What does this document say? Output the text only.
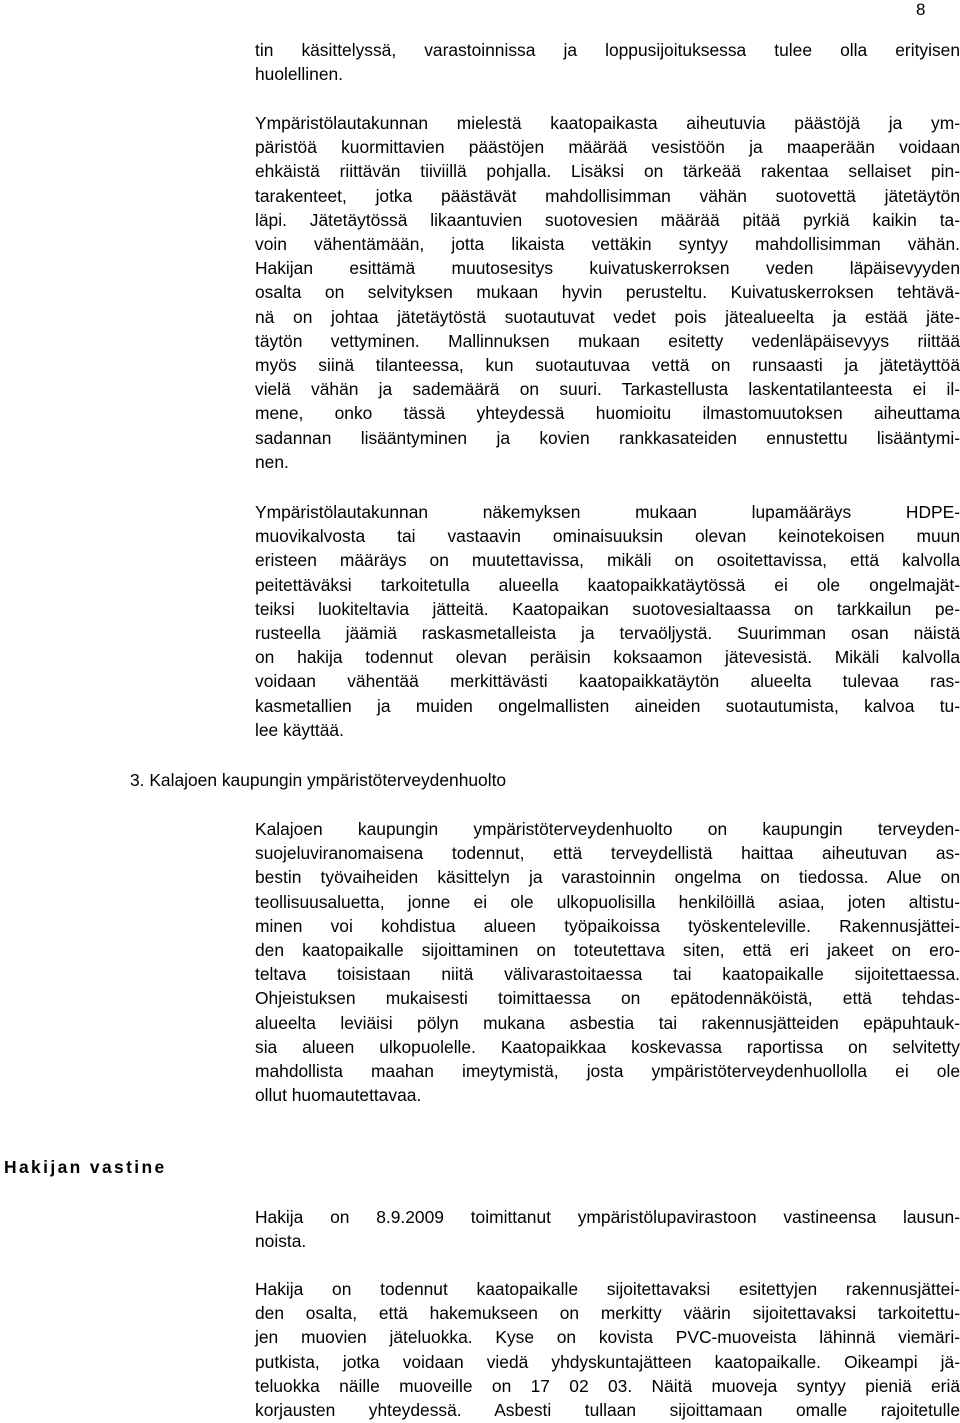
8
tin käsittelyssä, varastoinnissa ja loppusijoituksessa tulee olla erityisen
huolellinen.
Ympäristölautakunnan mielestä kaatopaikasta aiheutuvia päästöjä ja ym-
päristöä kuormittavien päästöjen määrää vesistöön ja maaperään voidaan
ehkäistä riittävän tiiviillä pohjalla. Lisäksi on tärkeää rakentaa sellaiset pin-
tarakenteet, jotka päästävät mahdollisimman vähän suotovettä jätetäytön
läpi. Jätetäytössä likaantuvien suotovesien määrää pitää pyrkiä kaikin ta-
voin vähentämään, jotta likaista vettäkin syntyy mahdollisimman vähän.
Hakijan esittämä muutosesitys kuivatuskerroksen veden läpäisevyyden
osalta on selvityksen mukaan hyvin perusteltu. Kuivatuskerroksen tehtävä-
nä on johtaa jätetäytöstä suotautuvat vedet pois jätealueelta ja estää jäte-
täytön vettyminen. Mallinnuksen mukaan esitetty vedenläpäisevyys riittää
myös siinä tilanteessa, kun suotautuvaa vettä on runsaasti ja jätetäyttöä
vielä vähän ja sademäärä on suuri. Tarkastellusta laskentatilanteesta ei il-
mene, onko tässä yhteydessä huomioitu ilmastomuutoksen aiheuttama
sadannan lisääntyminen ja kovien rankkasateiden ennustettu lisääntymi-
nen.
Ympäristölautakunnan näkemyksen mukaan lupamääräys HDPE-
muovikalvosta tai vastaavin ominaisuuksin olevan keinotekoisen muun
eristeen määräys on muutettavissa, mikäli on osoitettavissa, että kalvolla
peitettäväksi tarkoitetulla alueella kaatopaikkatäytössä ei ole ongelmajät-
teiksi luokiteltavia jätteitä. Kaatopaikan suotovesialtaassa on tarkkailun pe-
rusteella jäämiä raskasmetalleista ja tervaöljystä. Suurimman osan näistä
on hakija todennut olevan peräisin koksaamon jätevesistä. Mikäli kalvolla
voidaan vähentää merkittävästi kaatopaikkatäytön alueelta tulevaa ras-
kasmetallien ja muiden ongelmallisten aineiden suotautumista, kalvoa tu-
lee käyttää.
3. Kalajoen kaupungin ympäristöterveydenhuolto
Kalajoen kaupungin ympäristöterveydenhuolto on kaupungin terveyden-
suojeluviranomaisena todennut, että terveydellistä haittaa aiheutuvan as-
bestin työvaiheiden käsittelyn ja varastoinnin ongelma on tiedossa. Alue on
teollisuusaluetta, jonne ei ole ulkopuolisilla henkilöillä asiaa, joten altistu-
minen voi kohdistua alueen työpaikoissa työskenteleville. Rakennusjättei-
den kaatopaikalle sijoittaminen on toteutettava siten, että eri jakeet on ero-
teltava toisistaan niitä välivarastoitaessa tai kaatopaikalle sijoitettaessa.
Ohjeistuksen mukaisesti toimittaessa on epätodennäköistä, että tehdas-
alueelta leviäisi pölyn mukana asbestia tai rakennusjätteiden epäpuhtauk-
sia alueen ulkopuolelle. Kaatopaikkaa koskevassa raportissa on selvitetty
mahdollista maahan imeytymistä, josta ympäristöterveydenhuollolla ei ole
ollut huomautettavaa.
Hakijan vastine
Hakija on 8.9.2009 toimittanut ympäristölupavirastoon vastineensa lausun-
noista.
Hakija on todennut kaatopaikalle sijoitettavaksi esitettyjen rakennusjättei-
den osalta, että hakemukseen on merkitty väärin sijoitettavaksi tarkoitettu-
jen muovien jäteluokka. Kyse on kovista PVC-muoveista lähinnä viemäri-
putkista, jotka voidaan viedä yhdyskuntajätteen kaatopaikalle. Oikeampi jä-
teluokka näille muoveille on 17 02 03. Näitä muoveja syntyy pieniä eriä
korjausten yhteydessä. Asbesti tullaan sijoittamaan omalle rajoitetulle
